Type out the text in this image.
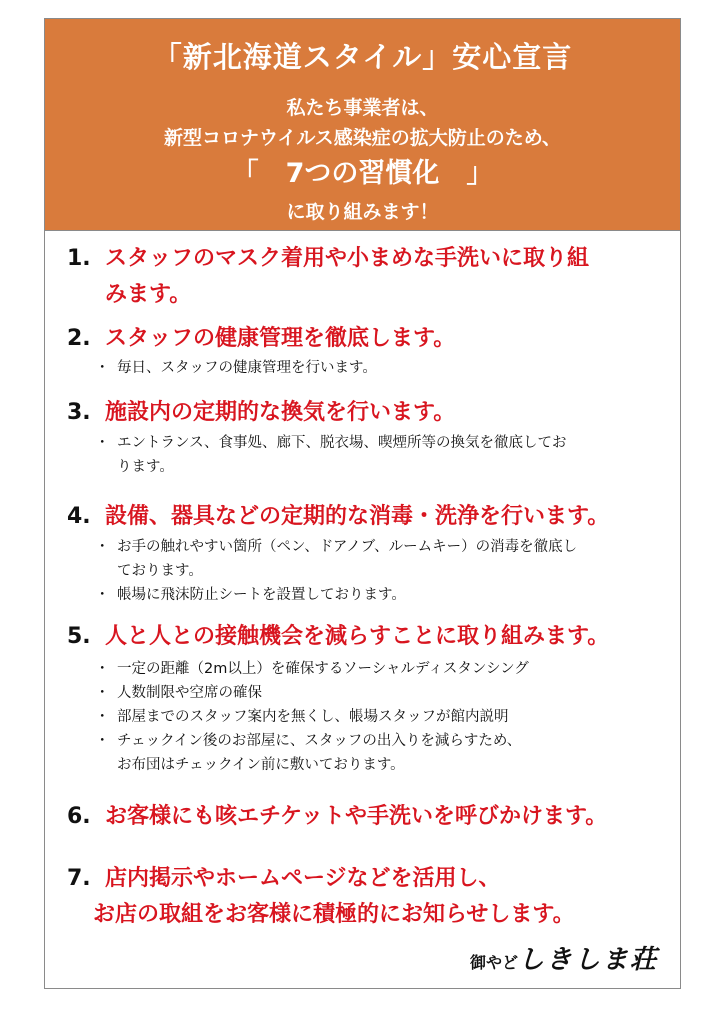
「新北海道スタイル」安心宣言
私たち事業者は、
新型コロナウイルス感染症の拡大防止のため、
「　7つの習慣化　」
に取り組みます！
1. スタッフのマスク着用や小まめな手洗いに取り組
みます。
2. スタッフの健康管理を徹底します。
・ 毎日、スタッフの健康管理を行います。
3. 施設内の定期的な換気を行います。
・ エントランス、食事処、廊下、脱衣場、喫煙所等の換気を徹底してお
ります。
4. 設備、器具などの定期的な消毒・洗浄を行います。
・ お手の触れやすい箇所（ペン、ドアノブ、ルームキー）の消毒を徹底し
ております。
・ 帳場に飛沫防止シートを設置しております。
5. 人と人との接触機会を減らすことに取り組みます。
・ 一定の距離（2m以上）を確保するソーシャルディスタンシング
・ 人数制限や空席の確保
・ 部屋までのスタッフ案内を無くし、帳場スタッフが館内説明
・ チェックイン後のお部屋に、スタッフの出入りを減らすため、
お布団はチェックイン前に敷いております。
6. お客様にも咳エチケットや手洗いを呼びかけます。
7. 店内掲示やホームページなどを活用し、
お店の取組をお客様に積極的にお知らせします。
御やどしきしま荘
